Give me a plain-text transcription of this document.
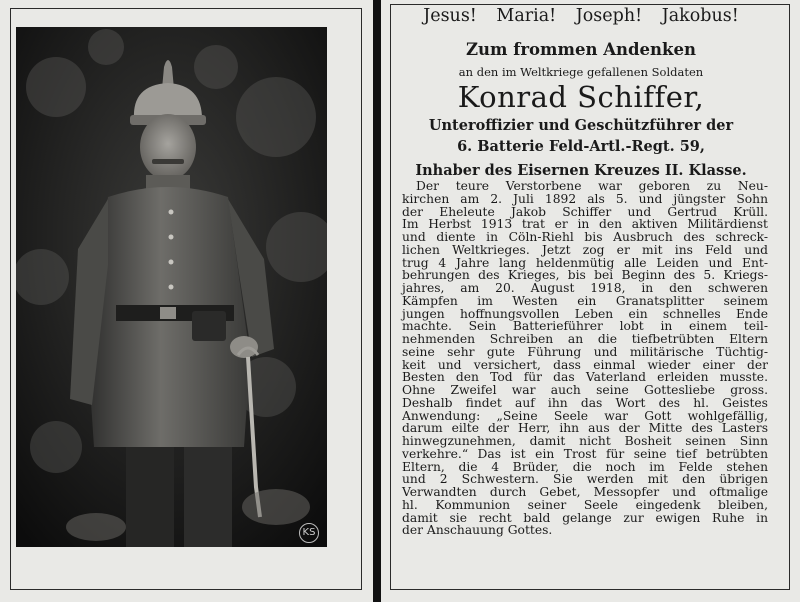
KS
Jesus! Maria! Joseph! Jakobus!
Zum frommen Andenken
an den im Weltkriege gefallenen Soldaten
Konrad Schiffer,
Unteroffizier und Geschützführer der
6. Batterie Feld-Artl.-Regt. 59,
Inhaber des Eisernen Kreuzes II. Klasse.
Der teure Verstorbene war geboren zu Neu-
kirchen am 2. Juli 1892 als 5. und jüngster Sohn
der Eheleute Jakob Schiffer und Gertrud Krüll.
Im Herbst 1913 trat er in den aktiven Militärdienst
und diente in Cöln-Riehl bis Ausbruch des schreck-
lichen Weltkrieges. Jetzt zog er mit ins Feld und
trug 4 Jahre lang heldenmütig alle Leiden und Ent-
behrungen des Krieges, bis bei Beginn des 5. Kriegs-
jahres, am 20. August 1918, in den schweren
Kämpfen im Westen ein Granatsplitter seinem
jungen hoffnungsvollen Leben ein schnelles Ende
machte. Sein Batterieführer lobt in einem teil-
nehmenden Schreiben an die tiefbetrübten Eltern
seine sehr gute Führung und militärische Tüchtig-
keit und versichert, dass einmal wieder einer der
Besten den Tod für das Vaterland erleiden musste.
Ohne Zweifel war auch seine Gottesliebe gross.
Deshalb findet auf ihn das Wort des hl. Geistes
Anwendung: „Seine Seele war Gott wohlgefällig,
darum eilte der Herr, ihn aus der Mitte des Lasters
hinwegzunehmen, damit nicht Bosheit seinen Sinn
verkehre.“ Das ist ein Trost für seine tief betrübten
Eltern, die 4 Brüder, die noch im Felde stehen
und 2 Schwestern. Sie werden mit den übrigen
Verwandten durch Gebet, Messopfer und oftmalige
hl. Kommunion seiner Seele eingedenk bleiben,
damit sie recht bald gelange zur ewigen Ruhe in
der Anschauung Gottes.
